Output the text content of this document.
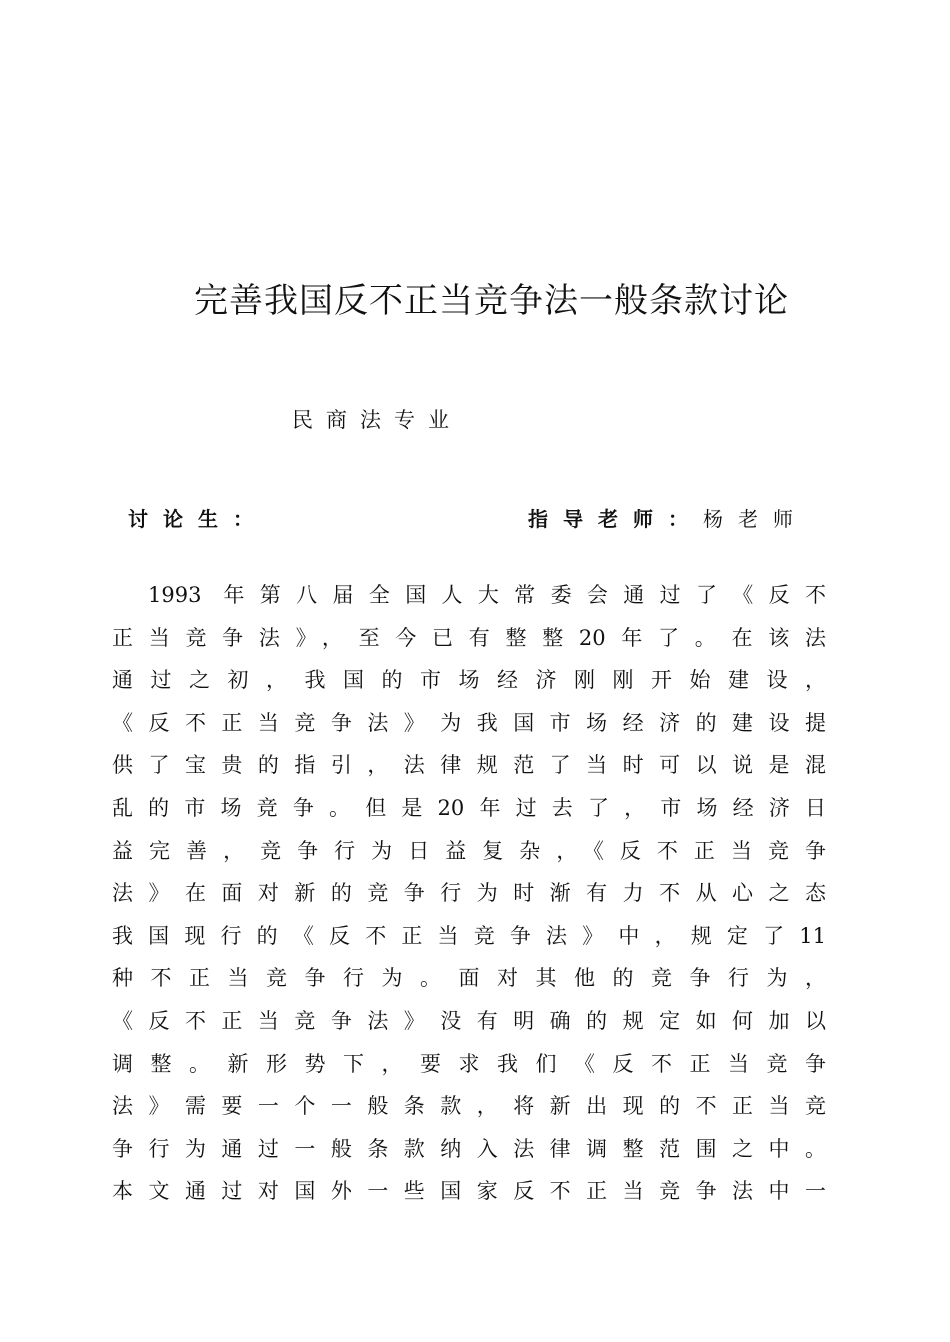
完善我国反不正当竞争法一般条款讨论
民商法专业
讨论生：	指导老师：杨老师
1993 年第八届全国人大常委会通过了《反不
正当竞争法》，至今已有整整20年了。在该法
通过之初，我国的市场经济刚刚开始建设，
《反不正当竞争法》为我国市场经济的建设提
供了宝贵的指引，法律规范了当时可以说是混
乱的市场竞争。但是20年过去了，市场经济日
益完善，竞争行为日益复杂，《反不正当竞争
法》在面对新的竞争行为时渐有力不从心之态
我国现行的《反不正当竞争法》中，规定了11
种不正当竞争行为。面对其他的竞争行为，
《反不正当竞争法》没有明确的规定如何加以
调整。新形势下，要求我们《反不正当竞争
法》需要一个一般条款，将新出现的不正当竞
争行为通过一般条款纳入法律调整范围之中。
本文通过对国外一些国家反不正当竞争法中一
